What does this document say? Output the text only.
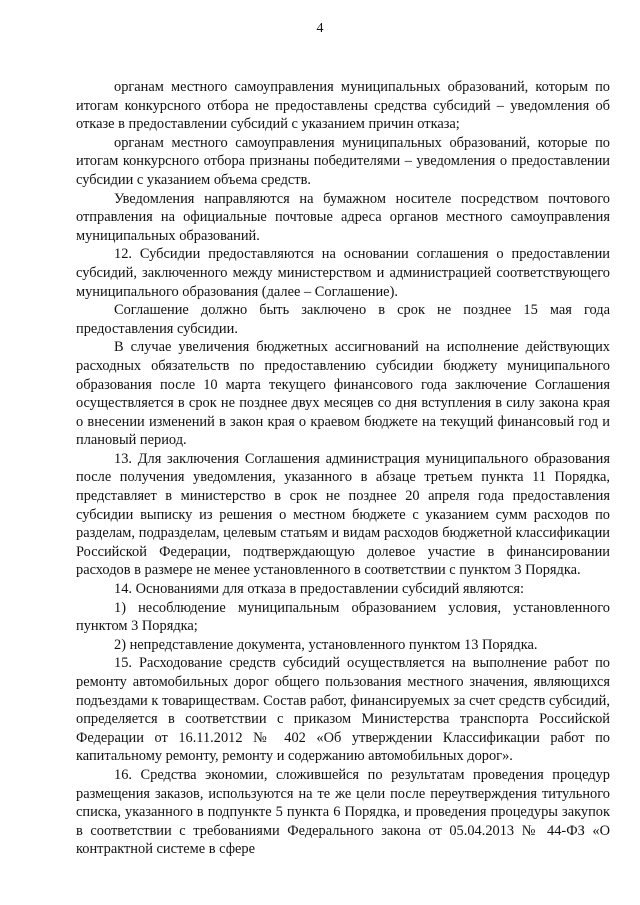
4

органам местного самоуправления муниципальных образований, которым по итогам конкурсного отбора не предоставлены средства субсидий – уведомления об отказе в предоставлении субсидий с указанием причин отказа;

органам местного самоуправления муниципальных образований, которые по итогам конкурсного отбора признаны победителями – уведомления о предоставлении субсидии с указанием объема средств.

Уведомления направляются на бумажном носителе посредством почтового отправления на официальные почтовые адреса органов местного самоуправления муниципальных образований.

12. Субсидии предоставляются на основании соглашения о предоставлении субсидий, заключенного между министерством и администрацией соответствующего муниципального образования (далее – Соглашение).

Соглашение должно быть заключено в срок не позднее 15 мая года предоставления субсидии.

В случае увеличения бюджетных ассигнований на исполнение действующих расходных обязательств по предоставлению субсидии бюджету муниципального образования после 10 марта текущего финансового года заключение Соглашения осуществляется в срок не позднее двух месяцев со дня вступления в силу закона края о внесении изменений в закон края о краевом бюджете на текущий финансовый год и плановый период.

13. Для заключения Соглашения администрация муниципального образования после получения уведомления, указанного в абзаце третьем пункта 11 Порядка, представляет в министерство в срок не позднее 20 апреля года предоставления субсидии выписку из решения о местном бюджете с указанием сумм расходов по разделам, подразделам, целевым статьям и видам расходов бюджетной классификации Российской Федерации, подтверждающую долевое участие в финансировании расходов в размере не менее установленного в соответствии с пунктом 3 Порядка.

14. Основаниями для отказа в предоставлении субсидий являются:

1) несоблюдение муниципальным образованием условия, установленного пунктом 3 Порядка;

2) непредставление документа, установленного пунктом 13 Порядка.

15. Расходование средств субсидий осуществляется на выполнение работ по ремонту автомобильных дорог общего пользования местного значения, являющихся подъездами к товариществам. Состав работ, финансируемых за счет средств субсидий, определяется в соответствии с приказом Министерства транспорта Российской Федерации от 16.11.2012 № 402 «Об утверждении Классификации работ по капитальному ремонту, ремонту и содержанию автомобильных дорог».

16. Средства экономии, сложившейся по результатам проведения процедур размещения заказов, используются на те же цели после переутверждения титульного списка, указанного в подпункте 5 пункта 6 Порядка, и проведения процедуры закупок в соответствии с требованиями Федерального закона от 05.04.2013 № 44-ФЗ «О контрактной системе в сфере
